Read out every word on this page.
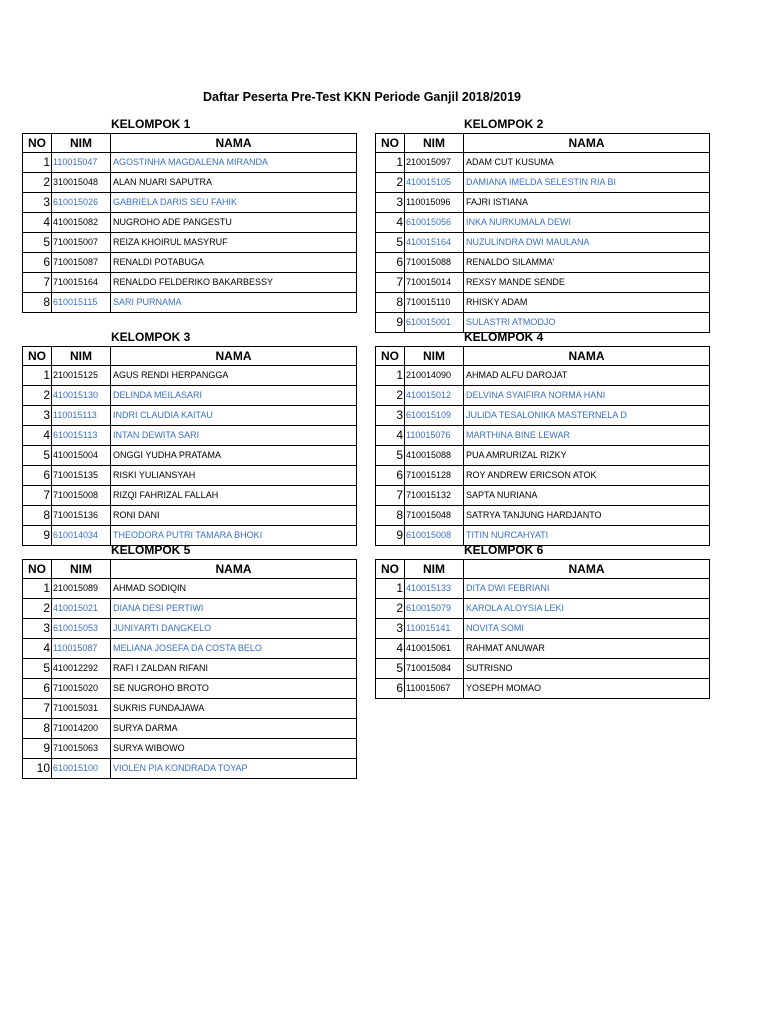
Daftar Peserta Pre-Test KKN Periode Ganjil 2018/2019
KELOMPOK 1
NO	NIM	NAMA
1	110015047	AGOSTINHA MAGDALENA MIRANDA
2	310015048	ALAN NUARI SAPUTRA
3	610015026	GABRIELA DARIS SEU FAHIK
4	410015082	NUGROHO ADE PANGESTU
5	710015007	REIZA KHOIRUL MASYRUF
6	710015087	RENALDI POTABUGA
7	710015164	RENALDO FELDERIKO BAKARBESSY
8	610015115	SARI PURNAMA
KELOMPOK 2
NO	NIM	NAMA
1	210015097	ADAM CUT KUSUMA
2	410015105	DAMIANA IMELDA SELESTIN RIA BI
3	110015096	FAJRI ISTIANA
4	610015056	INKA NURKUMALA DEWI
5	410015164	NUZULINDRA DWI MAULANA
6	710015088	RENALDO SILAMMA'
7	710015014	REXSY MANDE SENDE
8	710015110	RHISKY ADAM
9	610015001	SULASTRI ATMODJO
KELOMPOK 3
NO	NIM	NAMA
1	210015125	AGUS RENDI HERPANGGA
2	410015130	DELINDA MEILASARI
3	110015113	INDRI CLAUDIA KAITAU
4	610015113	INTAN DEWITA SARI
5	410015004	ONGGI YUDHA PRATAMA
6	710015135	RISKI YULIANSYAH
7	710015008	RIZQI FAHRIZAL FALLAH
8	710015136	RONI DANI
9	610014034	THEODORA PUTRI TAMARA BHOKI
KELOMPOK 4
NO	NIM	NAMA
1	210014090	AHMAD ALFU DAROJAT
2	410015012	DELVINA SYAIFIRA NORMA HANI
3	610015109	JULIDA TESALONIKA MASTERNELA D
4	110015076	MARTHINA BINE LEWAR
5	410015088	PUA AMRURIZAL RIZKY
6	710015128	ROY ANDREW ERICSON ATOK
7	710015132	SAPTA NURIANA
8	710015048	SATRYA TANJUNG HARDJANTO
9	610015008	TITIN NURCAHYATI
KELOMPOK 5
NO	NIM	NAMA
1	210015089	AHMAD SODIQIN
2	410015021	DIANA DESI PERTIWI
3	610015053	JUNIYARTI DANGKELO
4	110015087	MELIANA JOSEFA DA COSTA BELO
5	410012292	RAFI I ZALDAN RIFANI
6	710015020	SE NUGROHO BROTO
7	710015031	SUKRIS FUNDAJAWA
8	710014200	SURYA DARMA
9	710015063	SURYA WIBOWO
10	610015100	VIOLEN PIA KONDRADA TOYAP
KELOMPOK 6
NO	NIM	NAMA
1	410015133	DITA DWI FEBRIANI
2	610015079	KAROLA ALOYSIA LEKI
3	110015141	NOVITA SOMI
4	410015061	RAHMAT ANUWAR
5	710015084	SUTRISNO
6	110015067	YOSEPH MOMAO
